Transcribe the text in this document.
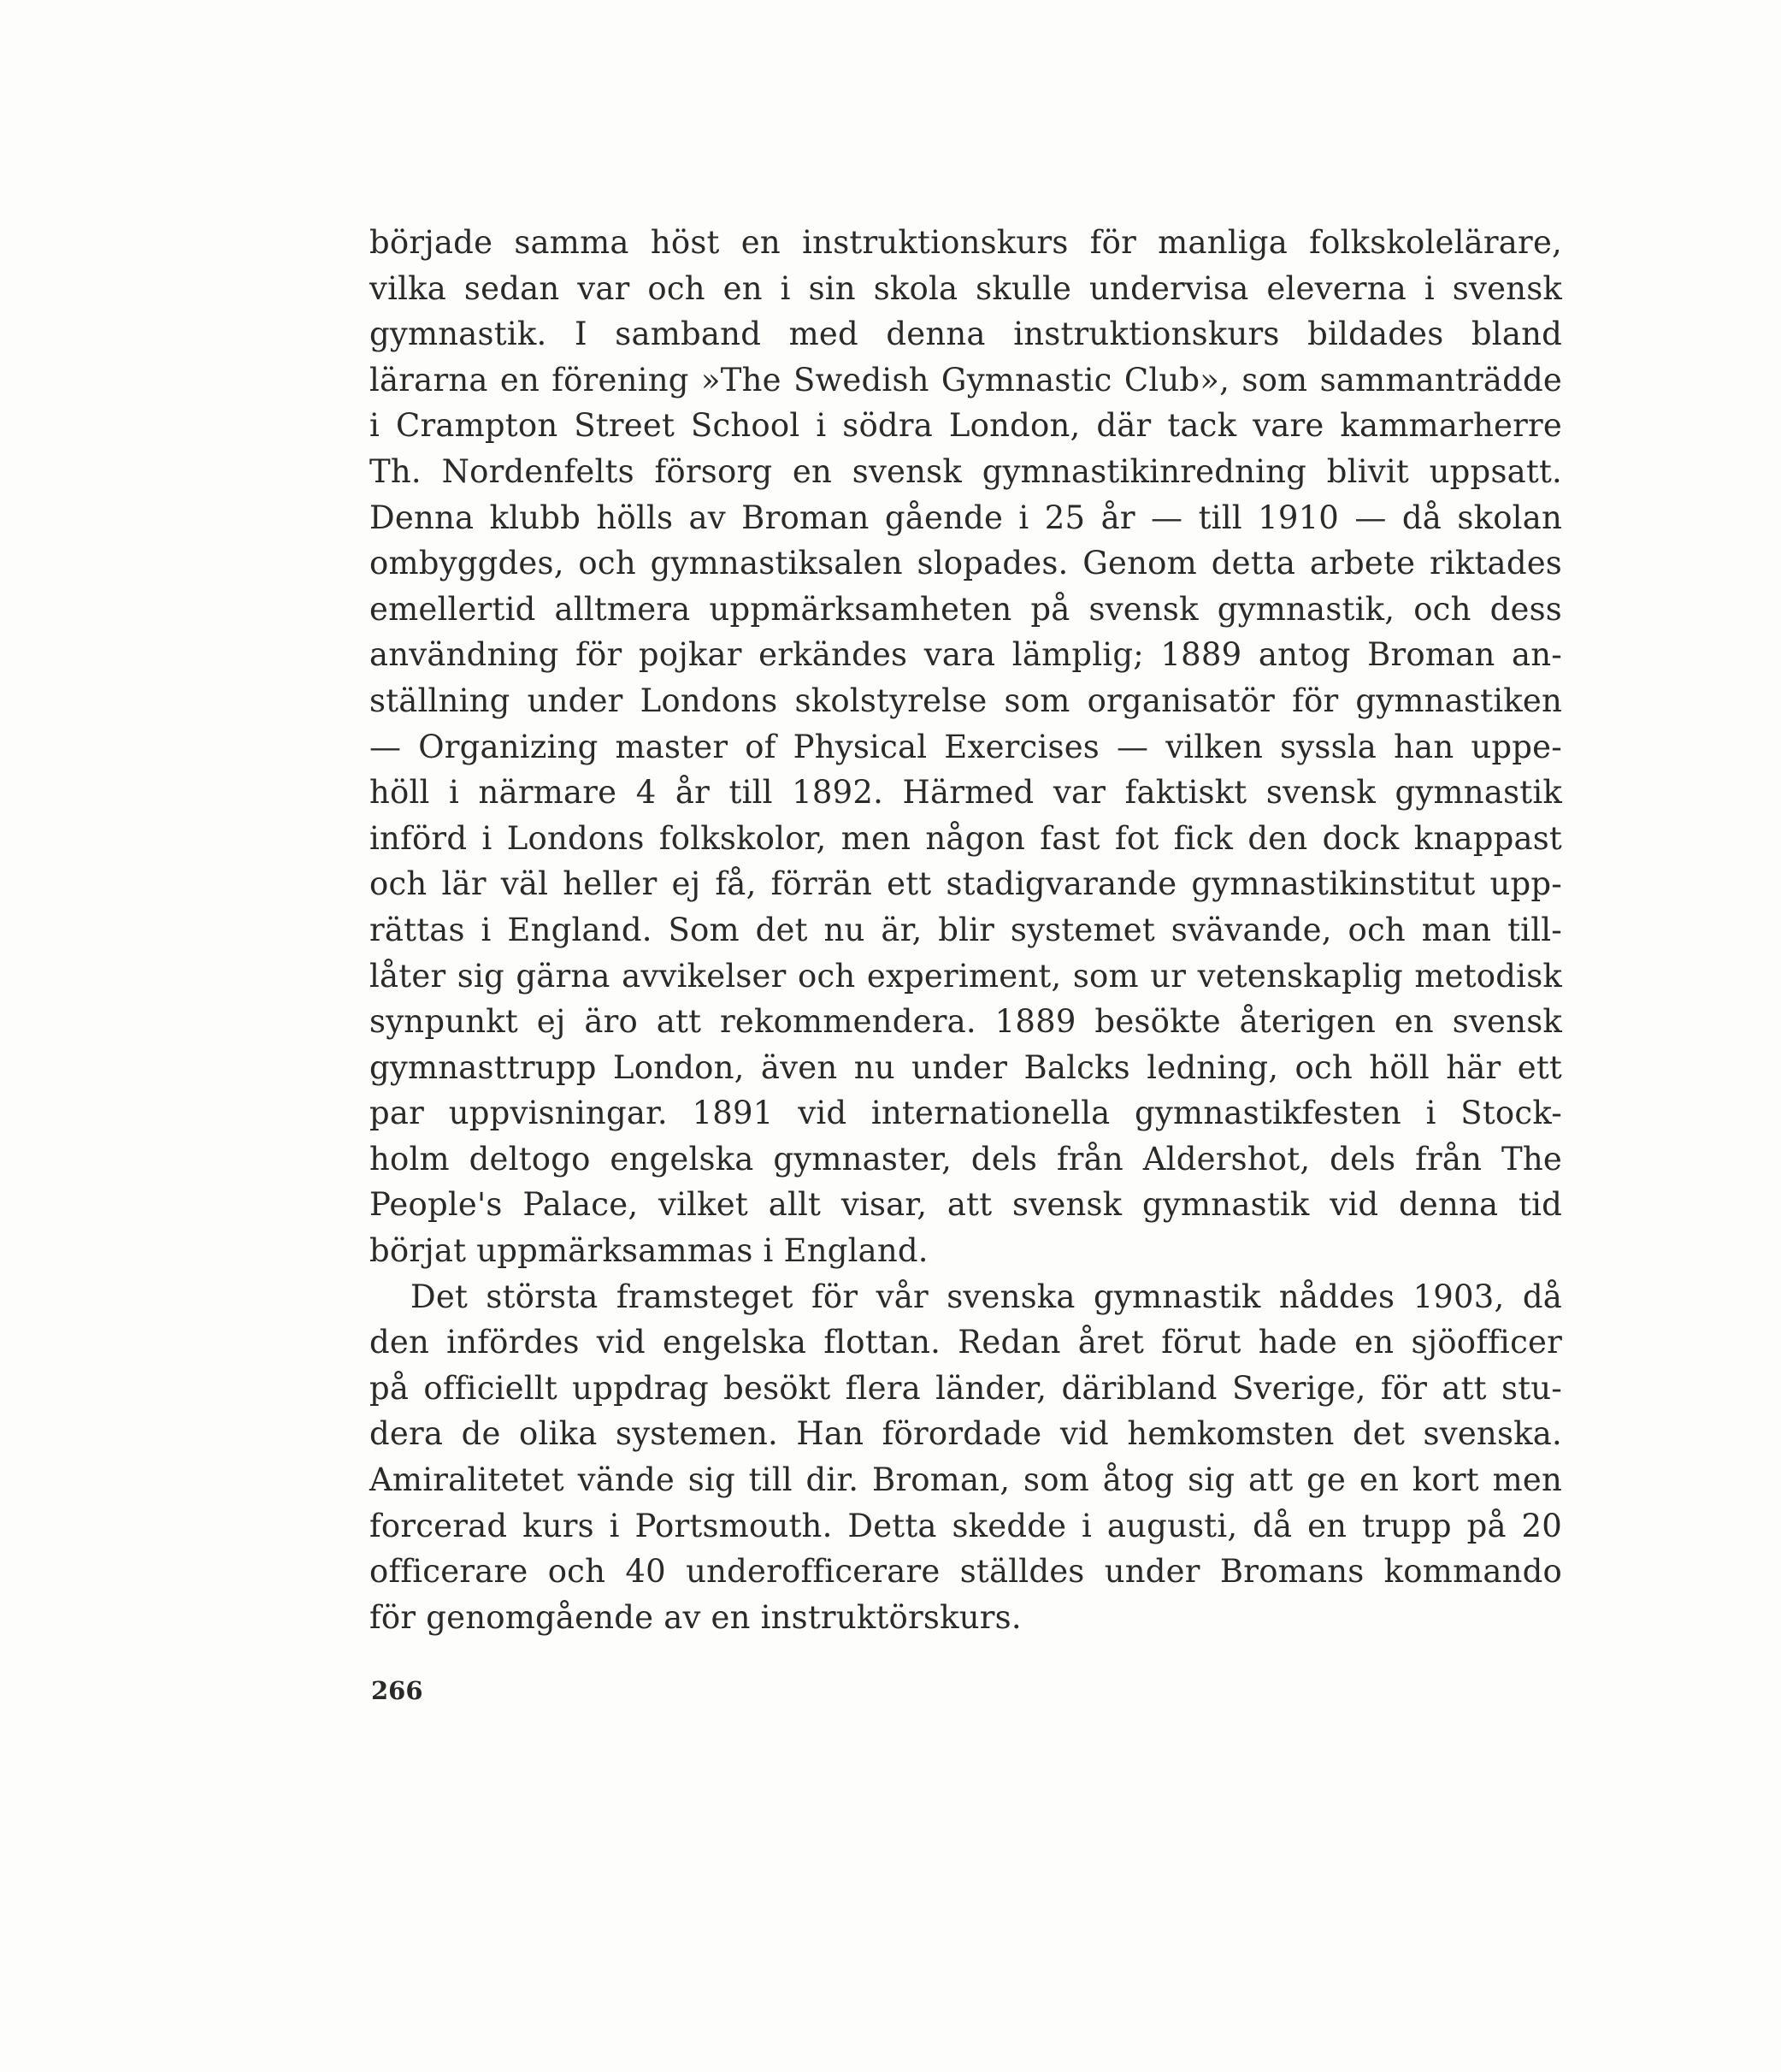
började samma höst en instruktionskurs för manliga folkskolelärare,
vilka sedan var och en i sin skola skulle undervisa eleverna i svensk
gymnastik. I samband med denna instruktionskurs bildades bland
lärarna en förening »The Swedish Gymnastic Club», som sammanträdde
i Crampton Street School i södra London, där tack vare kammarherre
Th. Nordenfelts försorg en svensk gymnastikinredning blivit uppsatt.
Denna klubb hölls av Broman gående i 25 år — till 1910 — då skolan
ombyggdes, och gymnastiksalen slopades. Genom detta arbete riktades
emellertid alltmera uppmärksamheten på svensk gymnastik, och dess
användning för pojkar erkändes vara lämplig; 1889 antog Broman an-
ställning under Londons skolstyrelse som organisatör för gymnastiken
— Organizing master of Physical Exercises — vilken syssla han uppe-
höll i närmare 4 år till 1892. Härmed var faktiskt svensk gymnastik
införd i Londons folkskolor, men någon fast fot fick den dock knappast
och lär väl heller ej få, förrän ett stadigvarande gymnastikinstitut upp-
rättas i England. Som det nu är, blir systemet svävande, och man till-
låter sig gärna avvikelser och experiment, som ur vetenskaplig metodisk
synpunkt ej äro att rekommendera. 1889 besökte återigen en svensk
gymnasttrupp London, även nu under Balcks ledning, och höll här ett
par uppvisningar. 1891 vid internationella gymnastikfesten i Stock-
holm deltogo engelska gymnaster, dels från Aldershot, dels från The
People's Palace, vilket allt visar, att svensk gymnastik vid denna tid
börjat uppmärksammas i England.
Det största framsteget för vår svenska gymnastik nåddes 1903, då
den infördes vid engelska flottan. Redan året förut hade en sjöofficer
på officiellt uppdrag besökt flera länder, däribland Sverige, för att stu-
dera de olika systemen. Han förordade vid hemkomsten det svenska.
Amiralitetet vände sig till dir. Broman, som åtog sig att ge en kort men
forcerad kurs i Portsmouth. Detta skedde i augusti, då en trupp på 20
officerare och 40 underofficerare ställdes under Bromans kommando
för genomgående av en instruktörskurs.
266
